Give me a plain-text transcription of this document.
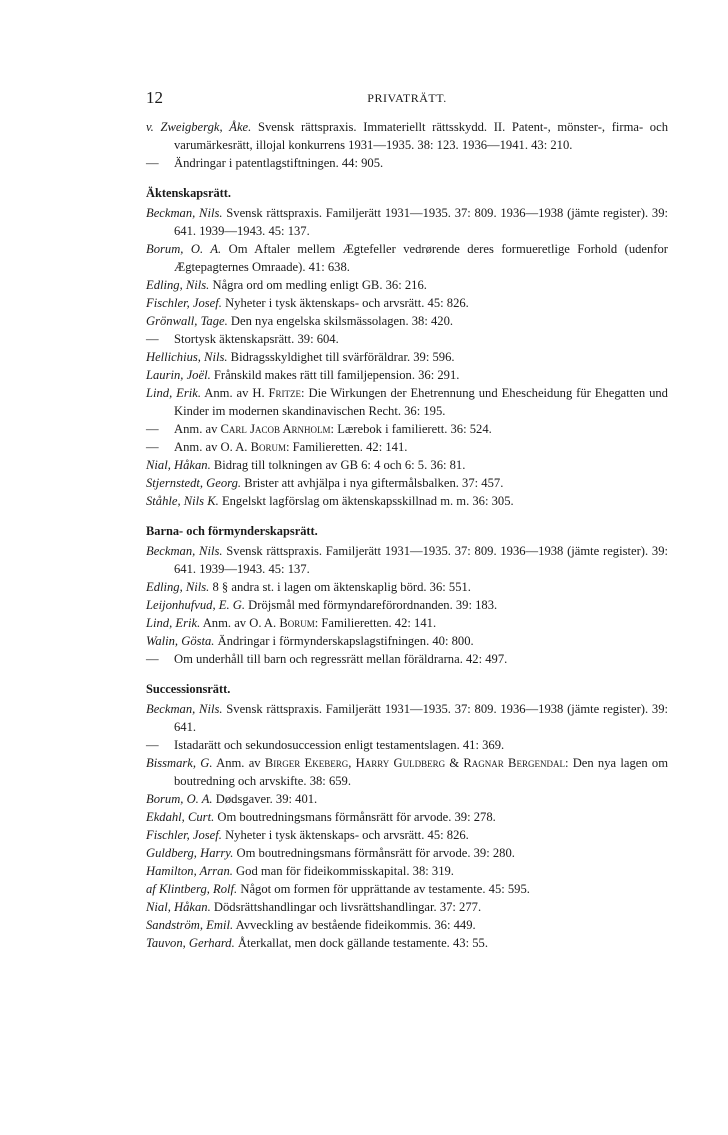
12	PRIVATRÄTT.

v. Zweigbergk, Åke. Svensk rättspraxis. Immateriellt rättsskydd. II. Patent-, mönster-, firma- och varumärkesrätt, illojal konkurrens 1931—1935. 38: 123. 1936—1941. 43: 210.

— Ändringar i patentlagstiftningen. 44: 905.

Äktenskapsrätt.

Beckman, Nils. Svensk rättspraxis. Familjerätt 1931—1935. 37: 809. 1936—1938 (jämte register). 39: 641. 1939—1943. 45: 137.

Borum, O. A. Om Aftaler mellem Ægtefeller vedrørende deres formueretlige Forhold (udenfor Ægtepagternes Omraade). 41: 638.

Edling, Nils. Några ord om medling enligt GB. 36: 216.

Fischler, Josef. Nyheter i tysk äktenskaps- och arvsrätt. 45: 826.

Grönwall, Tage. Den nya engelska skilsmässolagen. 38: 420.

— Stortysk äktenskapsrätt. 39: 604.

Hellichius, Nils. Bidragsskyldighet till svärföräldrar. 39: 596.

Laurin, Joël. Frånskild makes rätt till familjepension. 36: 291.

Lind, Erik. Anm. av H. Fritze: Die Wirkungen der Ehetrennung und Ehescheidung für Ehegatten und Kinder im modernen skandinavischen Recht. 36: 195.

— Anm. av Carl Jacob Arnholm: Lærebok i familierett. 36: 524.

— Anm. av O. A. Borum: Familieretten. 42: 141.

Nial, Håkan. Bidrag till tolkningen av GB 6: 4 och 6: 5. 36: 81.

Stjernstedt, Georg. Brister att avhjälpa i nya giftermålsbalken. 37: 457.

Ståhle, Nils K. Engelskt lagförslag om äktenskapsskillnad m. m. 36: 305.

Barna- och förmynderskapsrätt.

Beckman, Nils. Svensk rättspraxis. Familjerätt 1931—1935. 37: 809. 1936—1938 (jämte register). 39: 641. 1939—1943. 45: 137.

Edling, Nils. 8 § andra st. i lagen om äktenskaplig börd. 36: 551.

Leijonhufvud, E. G. Dröjsmål med förmyndareförordnanden. 39: 183.

Lind, Erik. Anm. av O. A. Borum: Familieretten. 42: 141.

Walin, Gösta. Ändringar i förmynderskapslagstifningen. 40: 800.

— Om underhåll till barn och regressrätt mellan föräldrarna. 42: 497.

Successionsrätt.

Beckman, Nils. Svensk rättspraxis. Familjerätt 1931—1935. 37: 809. 1936—1938 (jämte register). 39: 641.

— Istadarätt och sekundosuccession enligt testamentslagen. 41: 369.

Bissmark, G. Anm. av Birger Ekeberg, Harry Guldberg & Ragnar Bergendal: Den nya lagen om boutredning och arvskifte. 38: 659.

Borum, O. A. Dødsgaver. 39: 401.

Ekdahl, Curt. Om boutredningsmans förmånsrätt för arvode. 39: 278.

Fischler, Josef. Nyheter i tysk äktenskaps- och arvsrätt. 45: 826.

Guldberg, Harry. Om boutredningsmans förmånsrätt för arvode. 39: 280.

Hamilton, Arran. God man för fideikommisskapital. 38: 319.

af Klintberg, Rolf. Något om formen för upprättande av testamente. 45: 595.

Nial, Håkan. Dödsrättshandlingar och livsrättshandlingar. 37: 277.

Sandström, Emil. Avveckling av bestående fideikommis. 36: 449.

Tauvon, Gerhard. Återkallat, men dock gällande testamente. 43: 55.
